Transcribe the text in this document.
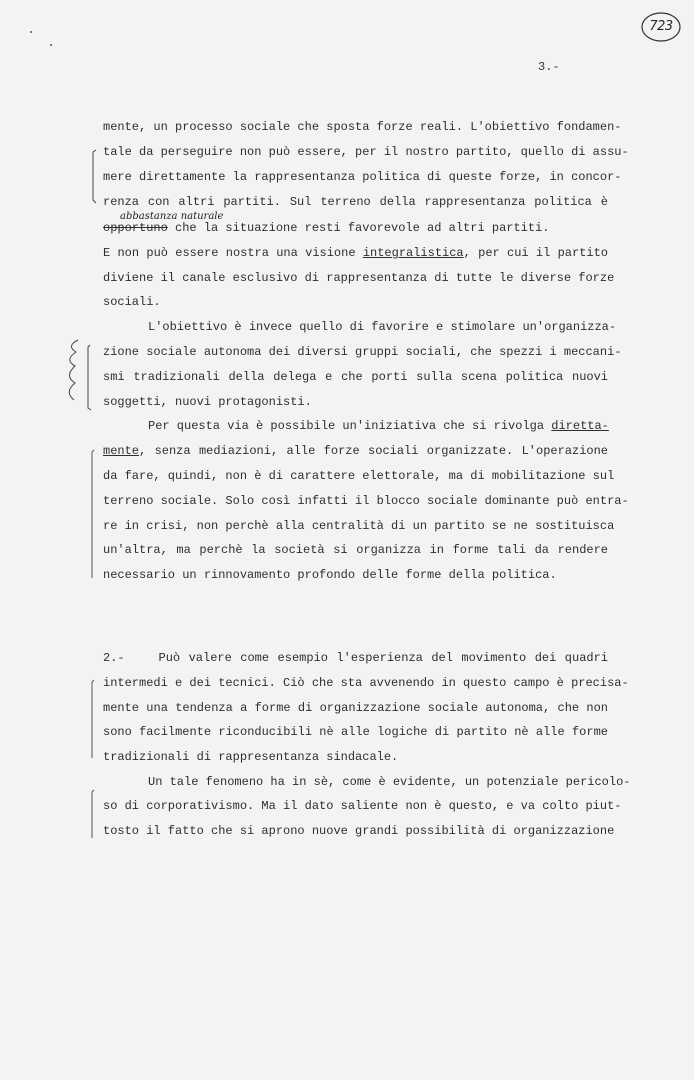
723
3.-
mente, un processo sociale che sposta forze reali. L'obiettivo fondamen-
tale da perseguire non può essere, per il nostro partito, quello di assu-
mere direttamente la rappresentanza politica di queste forze, in concor-
renza con altri partiti. Sul terreno della rappresentanza politica è
abbastanza naturale
opportuno che la situazione resti favorevole ad altri partiti.
E non può essere nostra una visione integralistica, per cui il partito
diviene il canale esclusivo di rappresentanza di tutte le diverse forze
sociali.
L'obiettivo è invece quello di favorire e stimolare un'organizza-
zione sociale autonoma dei diversi gruppi sociali, che spezzi i meccani-
smi tradizionali della delega e che porti sulla scena politica nuovi
soggetti, nuovi protagonisti.
Per questa via è possibile un'iniziativa che si rivolga diretta-
mente, senza mediazioni, alle forze sociali organizzate. L'operazione
da fare, quindi, non è di carattere elettorale, ma di mobilitazione sul
terreno sociale. Solo così infatti il blocco sociale dominante può entra-
re in crisi, non perchè alla centralità di un partito se ne sostituisca
un'altra, ma perchè la società si organizza in forme tali da rendere
necessario un rinnovamento profondo delle forme della politica.
2.-    Può valere come esempio l'esperienza del movimento dei quadri
intermedi e dei tecnici. Ciò che sta avvenendo in questo campo è precisa-
mente una tendenza a forme di organizzazione sociale autonoma, che non
sono facilmente riconducibili nè alle logiche di partito nè alle forme
tradizionali di rappresentanza sindacale.
Un tale fenomeno ha in sè, come è evidente, un potenziale pericolo-
so di corporativismo. Ma il dato saliente non è questo, e va colto piut-
tosto il fatto che si aprono nuove grandi possibilità di organizzazione
